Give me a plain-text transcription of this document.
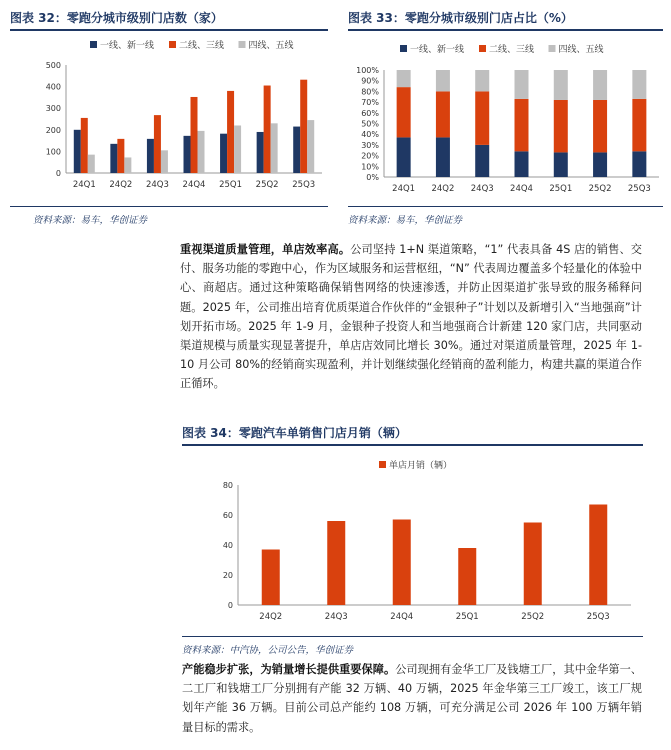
图表 32：零跑分城市级别门店数（家）
一线、新一线	二线、三线	四线、五线
0
100
200
300
400
500
24Q1 24Q2 24Q3 24Q4 25Q1 25Q2 25Q3
资料来源：易车，华创证券
图表 33：零跑分城市级别门店占比（%）
一线、新一线	二线、三线	四线、五线
0%
10%
20%
30%
40%
50%
60%
70%
80%
90%
100%
24Q1 24Q2 24Q3 24Q4 25Q1 25Q2 25Q3
资料来源：易车，华创证券

重视渠道质量管理，单店效率高。公司坚持 1+N 渠道策略，“1” 代表具备 4S 店的销售、交付、服务功能的零跑中心，作为区域服务和运营枢纽，“N” 代表周边覆盖多个轻量化的体验中心、商超店。通过这种策略确保销售网络的快速渗透，并防止因渠道扩张导致的服务稀释问题。2025 年，公司推出培育优质渠道合作伙伴的“金银种子”计划以及新增引入“当地强商”计划开拓市场。2025 年 1-9 月，金银种子投资人和当地强商合计新建 120 家门店，共同驱动渠道规模与质量实现显著提升，单店店效同比增长 30%。通过对渠道质量管理，2025 年 1-10 月公司 80%的经销商实现盈利，并计划继续强化经销商的盈利能力，构建共赢的渠道合作正循环。

图表 34：零跑汽车单销售门店月销（辆）
单店月销（辆）
0
20
40
60
80
24Q2	24Q3	24Q4	25Q1	25Q2	25Q3
资料来源：中汽协，公司公告，华创证券

产能稳步扩张，为销量增长提供重要保障。公司现拥有金华工厂及钱塘工厂，其中金华第一、二工厂和钱塘工厂分别拥有产能 32 万辆、40 万辆，2025 年金华第三工厂竣工，该工厂规划年产能 36 万辆。目前公司总产能约 108 万辆，可充分满足公司 2026 年 100 万辆年销量目标的需求。
